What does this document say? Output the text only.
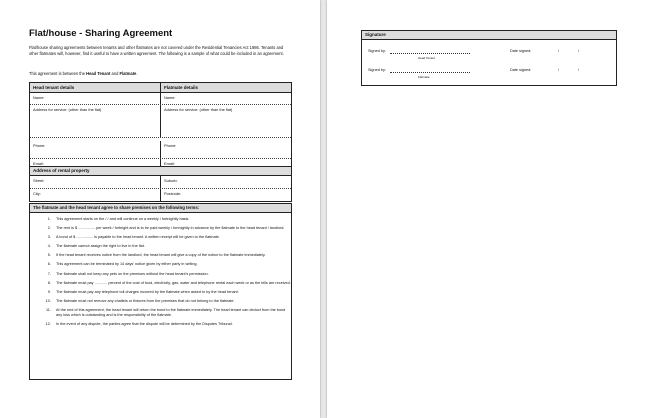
Flat/house - Sharing Agreement
Flat/house sharing agreements between tenants and other flatmates are not covered under the Residential Tenancies Act 1986. Tenants and other flatmates will, however, find it useful to have a written agreement. The following is a sample of what could be included in an agreement.
This agreement is between the Head Tenant and Flatmate.
Head tenant details	Flatmate details
Name:	Name:
Address for service: (other than the flat)	Address for service: (other than the flat)
Phone:	Phone:
Email:	Email:
Address of rental property
Street:	Suburb:
City:	Postcode:
The flatmate and the head tenant agree to share premises on the following terms:
1. This agreement starts on the / / and will continue on a weekly / fortnightly basis.
2. The rent is $ ................ per week / fortnight and is to be paid weekly / fortnightly in advance by the flatmate to the head tenant / landlord.
3. A bond of $ ................ is payable to the head tenant. A written receipt will be given to the flatmate.
4. The flatmate cannot assign the right to live in the flat.
5. If the head tenant receives notice from the landlord, the head tenant will give a copy of the notice to the flatmate immediately.
6. This agreement can be terminated by 14 days' notice given by either party in writing.
7. The flatmate shall not keep any pets on the premises without the head tenant's permission.
8. The flatmate must pay ............ percent of the cost of food, electricity, gas, water and telephone rental each week or as the bills are received.
9. The flatmate must pay any telephone toll charges incurred by the flatmate when asked to by the head tenant.
10. The flatmate must not remove any chattels or fixtures from the premises that do not belong to the flatmate.
11. At the end of this agreement, the head tenant will return the bond to the flatmate immediately. The head tenant can deduct from the bond any loss which is outstanding and is the responsibility of the flatmate.
12. In the event of any dispute, the parties agree that the dispute will be determined by the Disputes Tribunal.
Signature
Signed by:
Head Tenant
Date signed:	/	/
Signed by:
Flatmate
Date signed:	/	/
